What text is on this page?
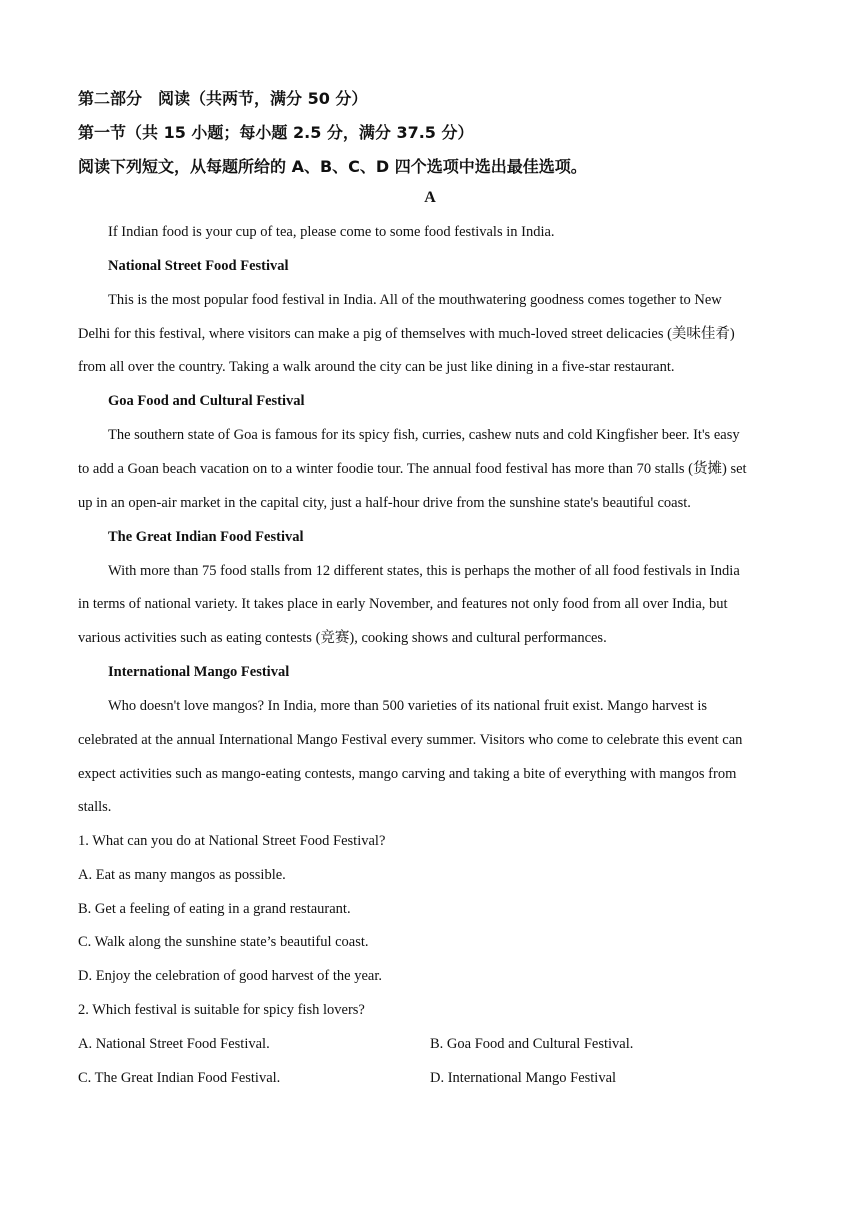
第二部分　阅读（共两节，满分 50 分）
第一节（共 15 小题；每小题 2.5 分，满分 37.5 分）
阅读下列短文，从每题所给的 A、B、C、D 四个选项中选出最佳选项。
A
If Indian food is your cup of tea, please come to some food festivals in India.
National Street Food Festival
This is the most popular food festival in India. All of the mouthwatering goodness comes together to New
Delhi for this festival, where visitors can make a pig of themselves with much-loved street delicacies (美味佳肴)
from all over the country. Taking a walk around the city can be just like dining in a five-star restaurant.
Goa Food and Cultural Festival
The southern state of Goa is famous for its spicy fish, curries, cashew nuts and cold Kingfisher beer. It's easy
to add a Goan beach vacation on to a winter foodie tour. The annual food festival has more than 70 stalls (货摊) set
up in an open-air market in the capital city, just a half-hour drive from the sunshine state's beautiful coast.
The Great Indian Food Festival
With more than 75 food stalls from 12 different states, this is perhaps the mother of all food festivals in India
in terms of national variety. It takes place in early November, and features not only food from all over India, but
various activities such as eating contests (竞赛), cooking shows and cultural performances.
International Mango Festival
Who doesn't love mangos? In India, more than 500 varieties of its national fruit exist. Mango harvest is
celebrated at the annual International Mango Festival every summer. Visitors who come to celebrate this event can
expect activities such as mango-eating contests, mango carving and taking a bite of everything with mangos from
stalls.
1. What can you do at National Street Food Festival?
A. Eat as many mangos as possible.
B. Get a feeling of eating in a grand restaurant.
C. Walk along the sunshine state’s beautiful coast.
D. Enjoy the celebration of good harvest of the year.
2. Which festival is suitable for spicy fish lovers?
A. National Street Food Festival.	B. Goa Food and Cultural Festival.
C. The Great Indian Food Festival.	D. International Mango Festival
